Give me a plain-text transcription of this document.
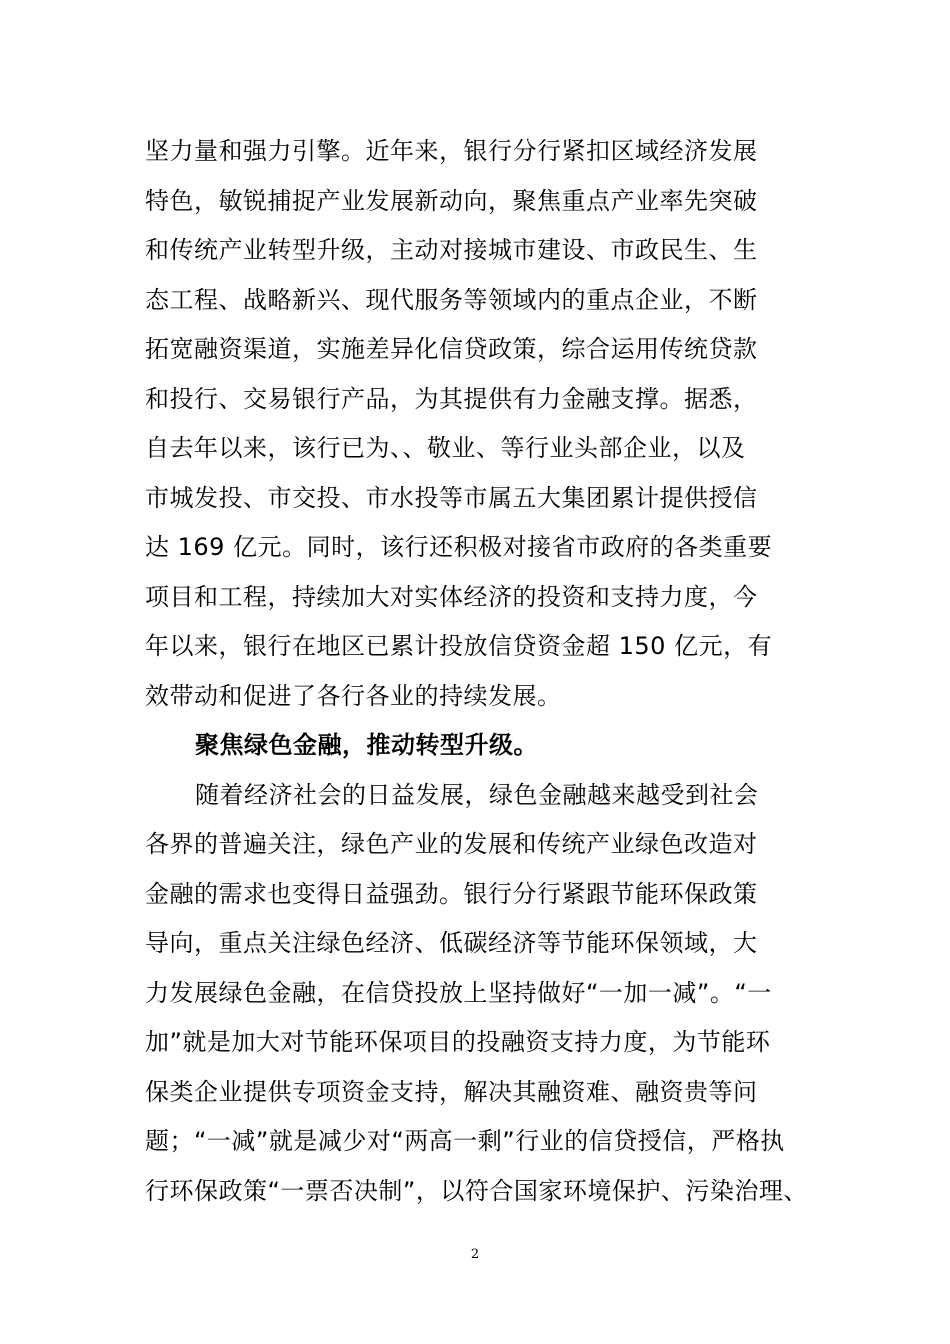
坚力量和强力引擎。近年来，银行分行紧扣区域经济发展
特色，敏锐捕捉产业发展新动向，聚焦重点产业率先突破
和传统产业转型升级，主动对接城市建设、市政民生、生
态工程、战略新兴、现代服务等领域内的重点企业，不断
拓宽融资渠道，实施差异化信贷政策，综合运用传统贷款
和投行、交易银行产品，为其提供有力金融支撑。据悉，
自去年以来，该行已为、、敬业、等行业头部企业，以及
市城发投、市交投、市水投等市属五大集团累计提供授信
达 169 亿元。同时，该行还积极对接省市政府的各类重要
项目和工程，持续加大对实体经济的投资和支持力度，今
年以来，银行在地区已累计投放信贷资金超 150 亿元，有
效带动和促进了各行各业的持续发展。
聚焦绿色金融，推动转型升级。
随着经济社会的日益发展，绿色金融越来越受到社会
各界的普遍关注，绿色产业的发展和传统产业绿色改造对
金融的需求也变得日益强劲。银行分行紧跟节能环保政策
导向，重点关注绿色经济、低碳经济等节能环保领域，大
力发展绿色金融，在信贷投放上坚持做好“一加一减”。“一
加”就是加大对节能环保项目的投融资支持力度，为节能环
保类企业提供专项资金支持，解决其融资难、融资贵等问
题；“一减”就是减少对“两高一剩”行业的信贷授信，严格执
行环保政策“一票否决制”，以符合国家环境保护、污染治理、
2
